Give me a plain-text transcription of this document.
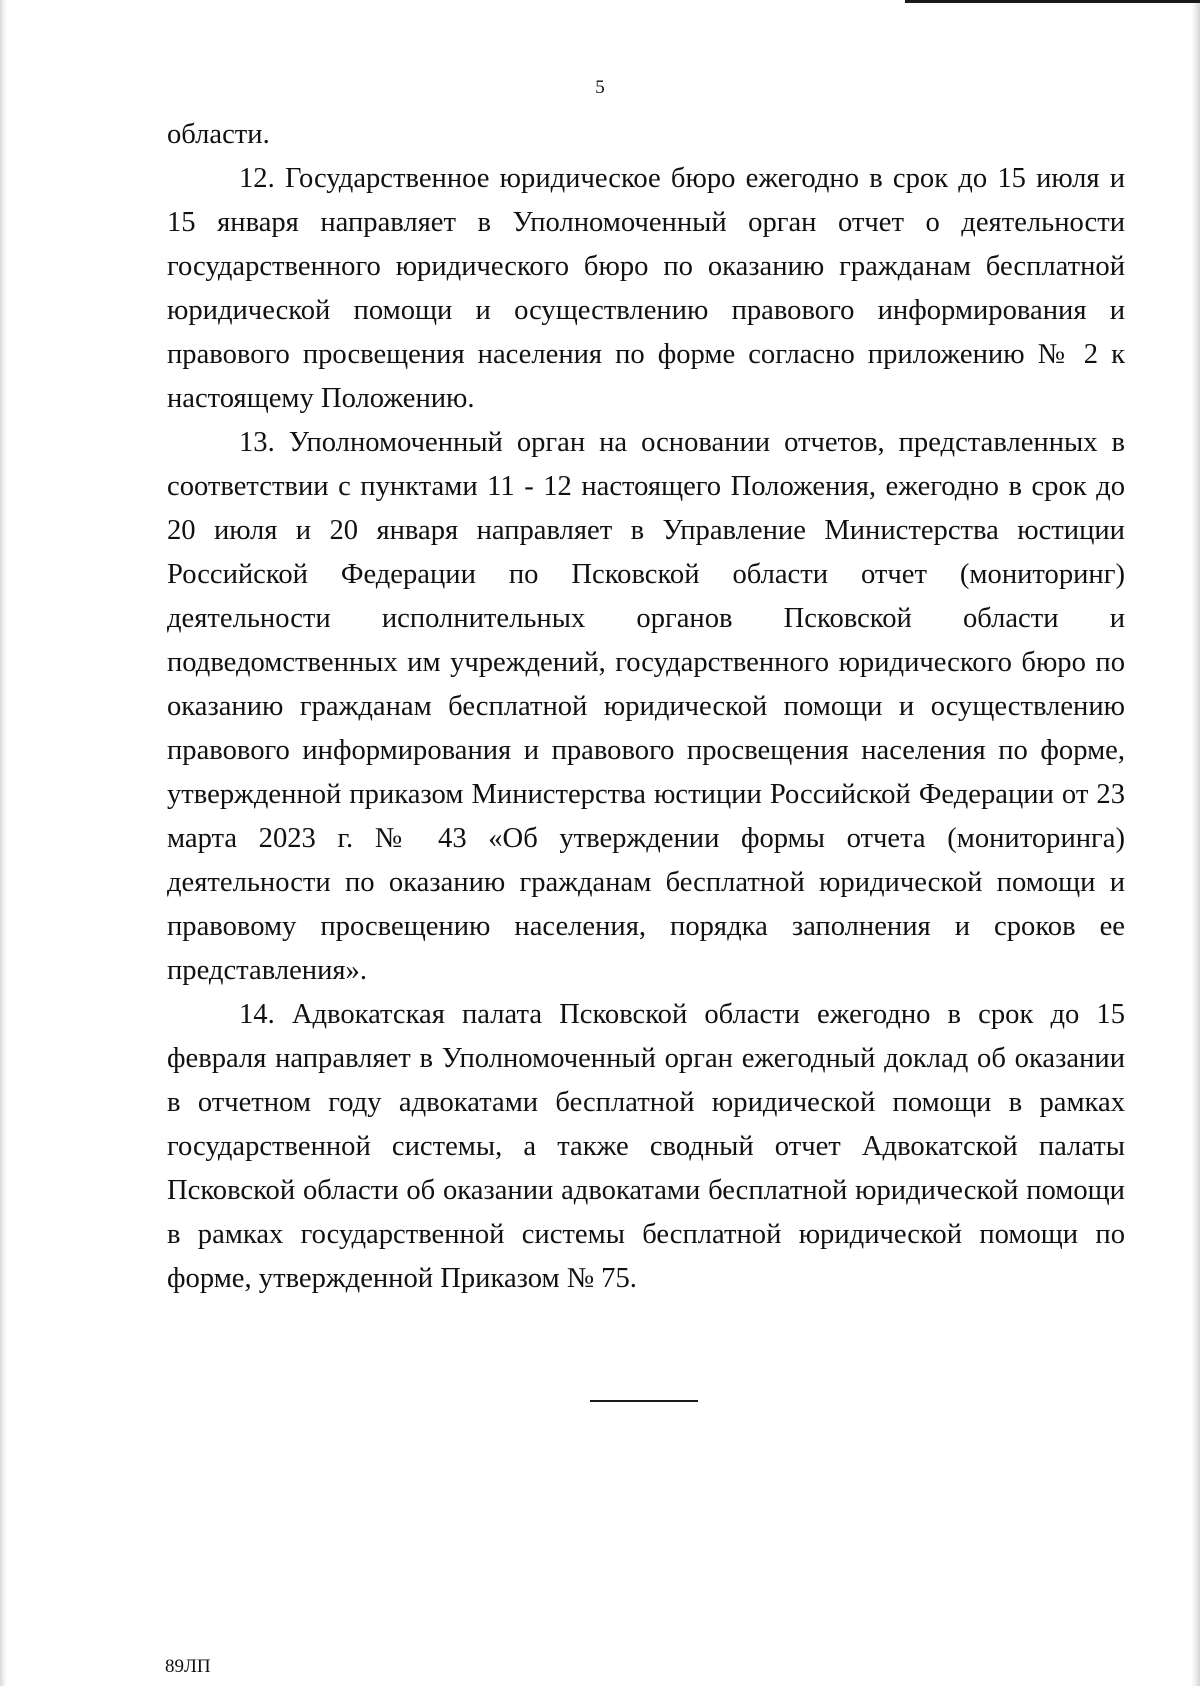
5

области.

12. Государственное юридическое бюро ежегодно в срок до 15 июля и 15 января направляет в Уполномоченный орган отчет о деятельности государственного юридического бюро по оказанию гражданам бесплатной юридической помощи и осуществлению правового информирования и правового просвещения населения по форме согласно приложению № 2 к настоящему Положению.

13. Уполномоченный орган на основании отчетов, представленных в соответствии с пунктами 11 - 12 настоящего Положения, ежегодно в срок до 20 июля и 20 января направляет в Управление Министерства юстиции Российской Федерации по Псковской области отчет (мониторинг) деятельности исполнительных органов Псковской области и подведомственных им учреждений, государственного юридического бюро по оказанию гражданам бесплатной юридической помощи и осуществлению правового информирования и правового просвещения населения по форме, утвержденной приказом Министерства юстиции Российской Федерации от 23 марта 2023 г. № 43 «Об утверждении формы отчета (мониторинга) деятельности по оказанию гражданам бесплатной юридической помощи и правовому просвещению населения, порядка заполнения и сроков ее представления».

14. Адвокатская палата Псковской области ежегодно в срок до 15 февраля направляет в Уполномоченный орган ежегодный доклад об оказании в отчетном году адвокатами бесплатной юридической помощи в рамках государственной системы, а также сводный отчет Адвокатской палаты Псковской области об оказании адвокатами бесплатной юридической помощи в рамках государственной системы бесплатной юридической помощи по форме, утвержденной Приказом № 75.

89ЛП
